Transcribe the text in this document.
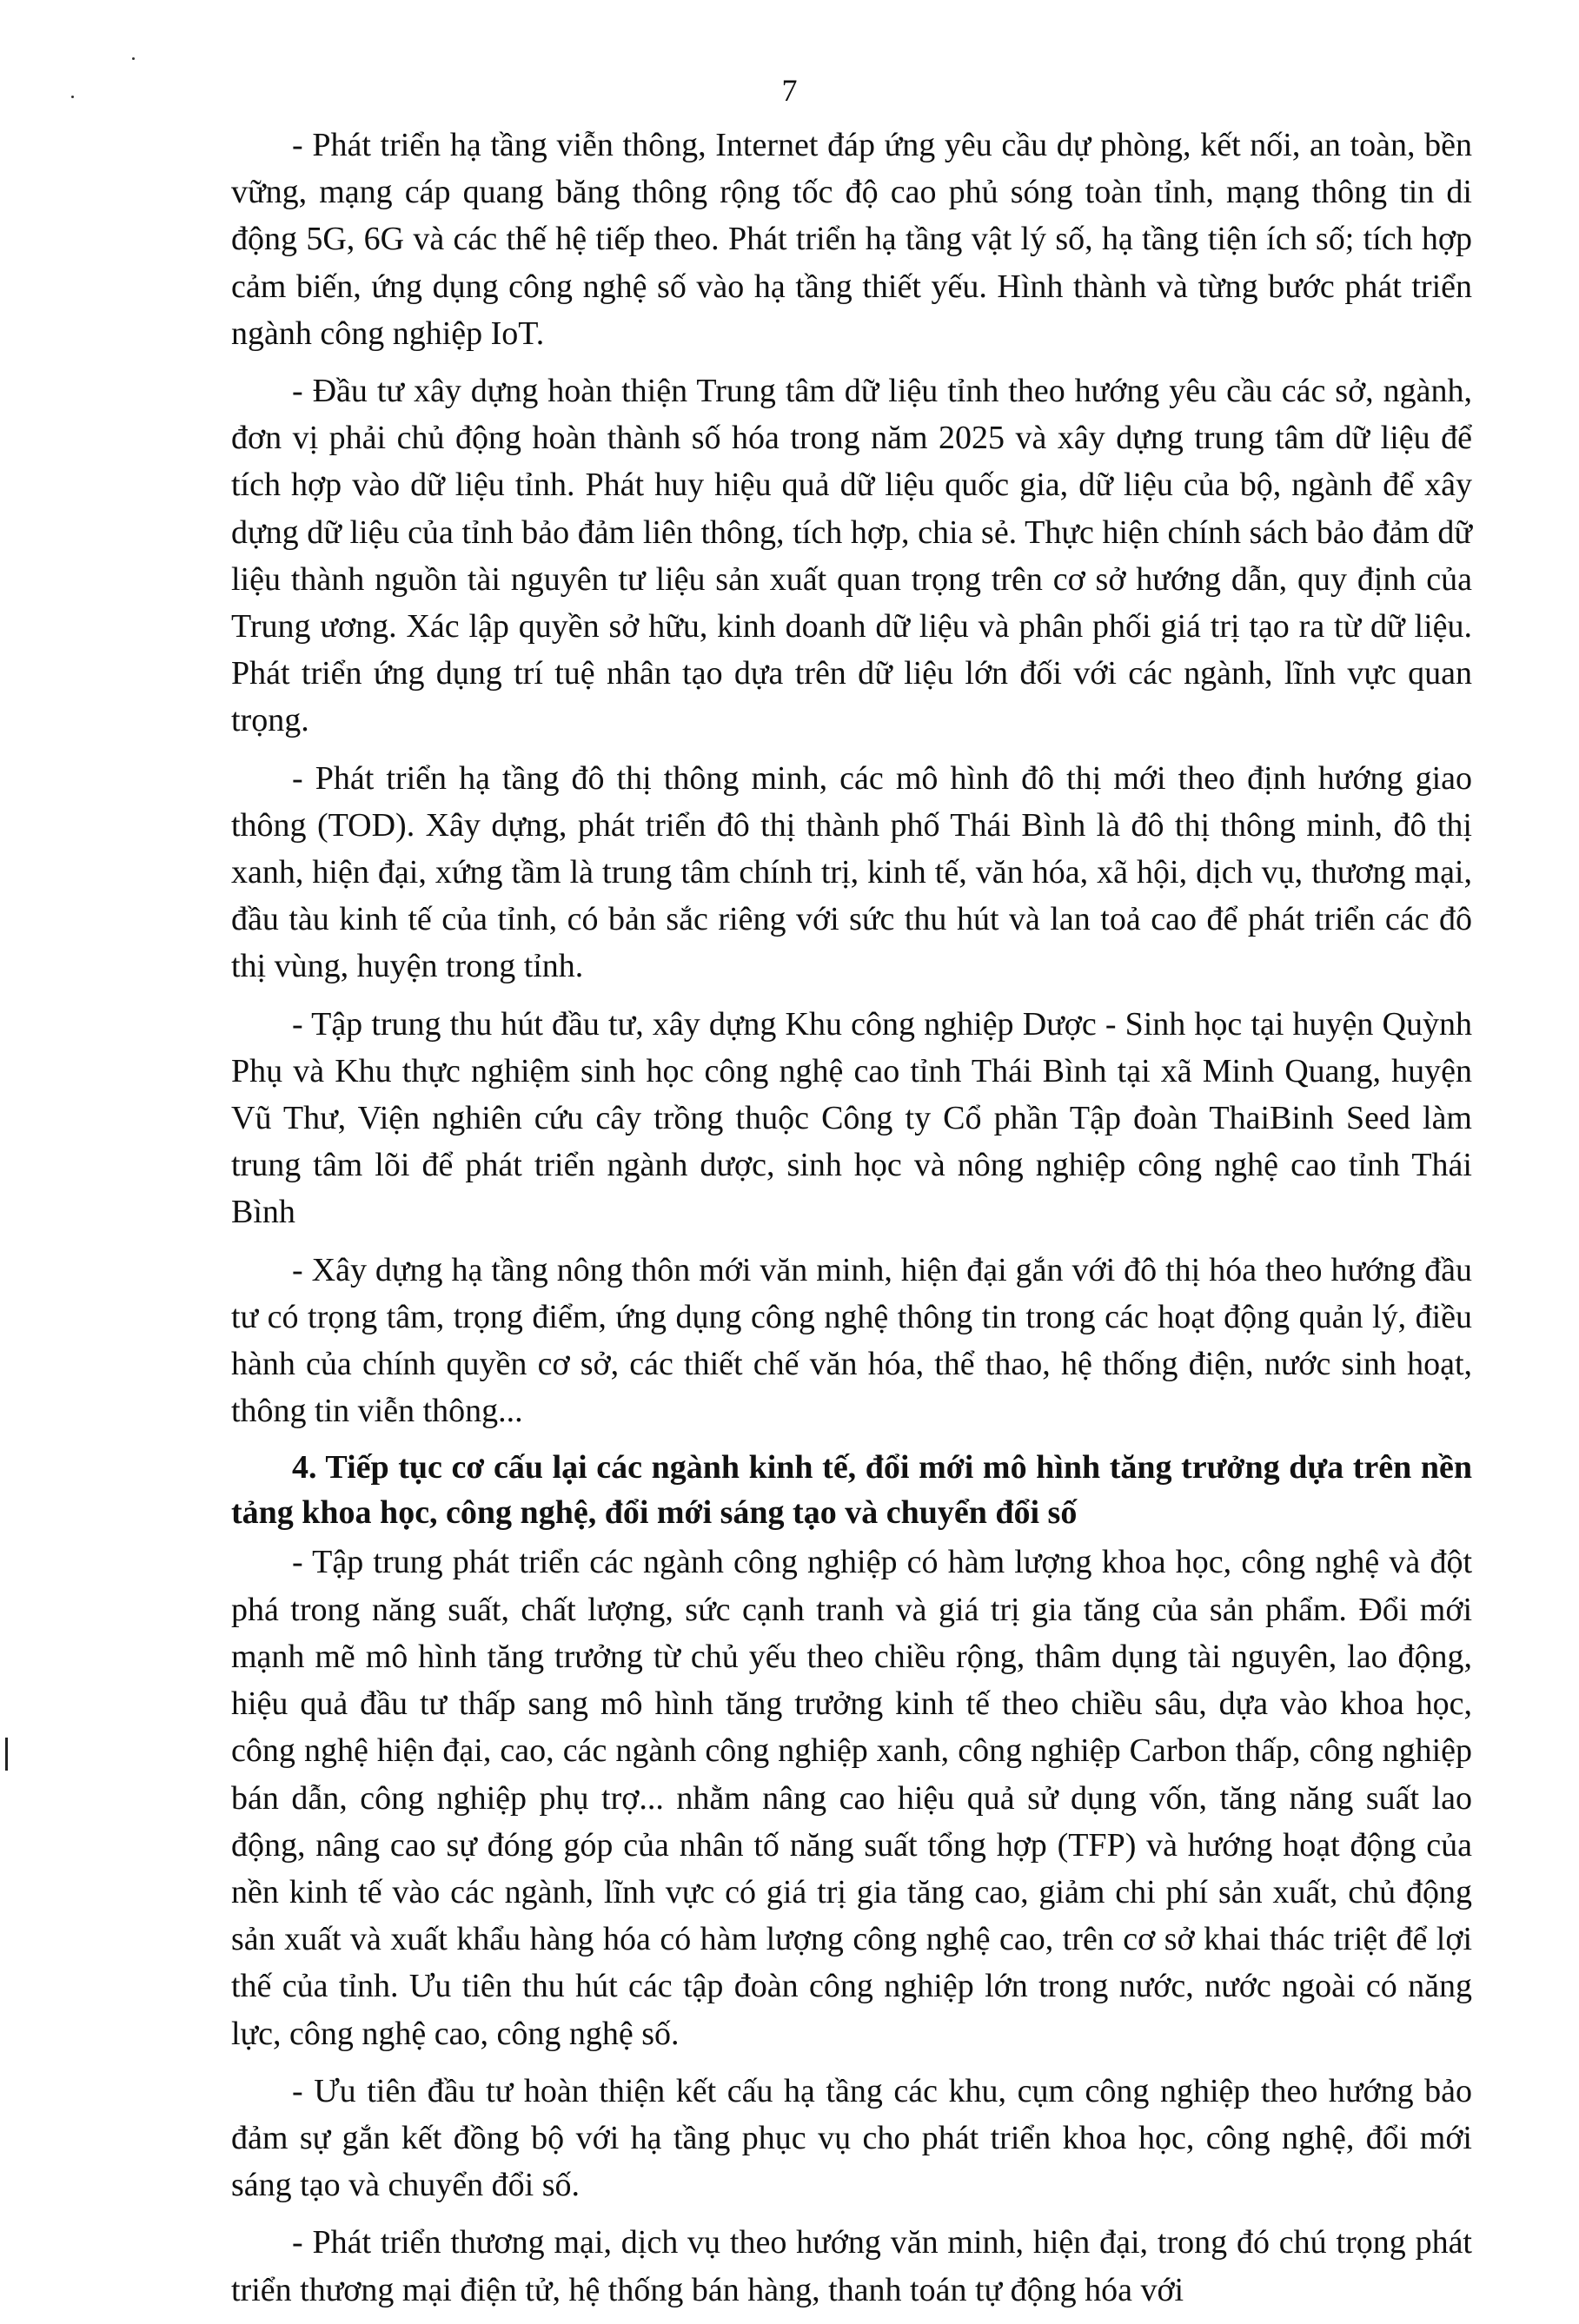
7

- Phát triển hạ tầng viễn thông, Internet đáp ứng yêu cầu dự phòng, kết nối, an toàn, bền vững, mạng cáp quang băng thông rộng tốc độ cao phủ sóng toàn tỉnh, mạng thông tin di động 5G, 6G và các thế hệ tiếp theo. Phát triển hạ tầng vật lý số, hạ tầng tiện ích số; tích hợp cảm biến, ứng dụng công nghệ số vào hạ tầng thiết yếu. Hình thành và từng bước phát triển ngành công nghiệp IoT.

- Đầu tư xây dựng hoàn thiện Trung tâm dữ liệu tỉnh theo hướng yêu cầu các sở, ngành, đơn vị phải chủ động hoàn thành số hóa trong năm 2025 và xây dựng trung tâm dữ liệu để tích hợp vào dữ liệu tỉnh. Phát huy hiệu quả dữ liệu quốc gia, dữ liệu của bộ, ngành để xây dựng dữ liệu của tỉnh bảo đảm liên thông, tích hợp, chia sẻ. Thực hiện chính sách bảo đảm dữ liệu thành nguồn tài nguyên tư liệu sản xuất quan trọng trên cơ sở hướng dẫn, quy định của Trung ương. Xác lập quyền sở hữu, kinh doanh dữ liệu và phân phối giá trị tạo ra từ dữ liệu. Phát triển ứng dụng trí tuệ nhân tạo dựa trên dữ liệu lớn đối với các ngành, lĩnh vực quan trọng.

- Phát triển hạ tầng đô thị thông minh, các mô hình đô thị mới theo định hướng giao thông (TOD). Xây dựng, phát triển đô thị thành phố Thái Bình là đô thị thông minh, đô thị xanh, hiện đại, xứng tầm là trung tâm chính trị, kinh tế, văn hóa, xã hội, dịch vụ, thương mại, đầu tàu kinh tế của tỉnh, có bản sắc riêng với sức thu hút và lan toả cao để phát triển các đô thị vùng, huyện trong tỉnh.

- Tập trung thu hút đầu tư, xây dựng Khu công nghiệp Dược - Sinh học tại huyện Quỳnh Phụ và Khu thực nghiệm sinh học công nghệ cao tỉnh Thái Bình tại xã Minh Quang, huyện Vũ Thư, Viện nghiên cứu cây trồng thuộc Công ty Cổ phần Tập đoàn ThaiBinh Seed làm trung tâm lõi để phát triển ngành dược, sinh học và nông nghiệp công nghệ cao tỉnh Thái Bình

- Xây dựng hạ tầng nông thôn mới văn minh, hiện đại gắn với đô thị hóa theo hướng đầu tư có trọng tâm, trọng điểm, ứng dụng công nghệ thông tin trong các hoạt động quản lý, điều hành của chính quyền cơ sở, các thiết chế văn hóa, thể thao, hệ thống điện, nước sinh hoạt, thông tin viễn thông...

4. Tiếp tục cơ cấu lại các ngành kinh tế, đổi mới mô hình tăng trưởng dựa trên nền tảng khoa học, công nghệ, đổi mới sáng tạo và chuyển đổi số

- Tập trung phát triển các ngành công nghiệp có hàm lượng khoa học, công nghệ và đột phá trong năng suất, chất lượng, sức cạnh tranh và giá trị gia tăng của sản phẩm. Đổi mới mạnh mẽ mô hình tăng trưởng từ chủ yếu theo chiều rộng, thâm dụng tài nguyên, lao động, hiệu quả đầu tư thấp sang mô hình tăng trưởng kinh tế theo chiều sâu, dựa vào khoa học, công nghệ hiện đại, cao, các ngành công nghiệp xanh, công nghiệp Carbon thấp, công nghiệp bán dẫn, công nghiệp phụ trợ... nhằm nâng cao hiệu quả sử dụng vốn, tăng năng suất lao động, nâng cao sự đóng góp của nhân tố năng suất tổng hợp (TFP) và hướng hoạt động của nền kinh tế vào các ngành, lĩnh vực có giá trị gia tăng cao, giảm chi phí sản xuất, chủ động sản xuất và xuất khẩu hàng hóa có hàm lượng công nghệ cao, trên cơ sở khai thác triệt để lợi thế của tỉnh. Ưu tiên thu hút các tập đoàn công nghiệp lớn trong nước, nước ngoài có năng lực, công nghệ cao, công nghệ số.

- Ưu tiên đầu tư hoàn thiện kết cấu hạ tầng các khu, cụm công nghiệp theo hướng bảo đảm sự gắn kết đồng bộ với hạ tầng phục vụ cho phát triển khoa học, công nghệ, đổi mới sáng tạo và chuyển đổi số.

- Phát triển thương mại, dịch vụ theo hướng văn minh, hiện đại, trong đó chú trọng phát triển thương mại điện tử, hệ thống bán hàng, thanh toán tự động hóa với
